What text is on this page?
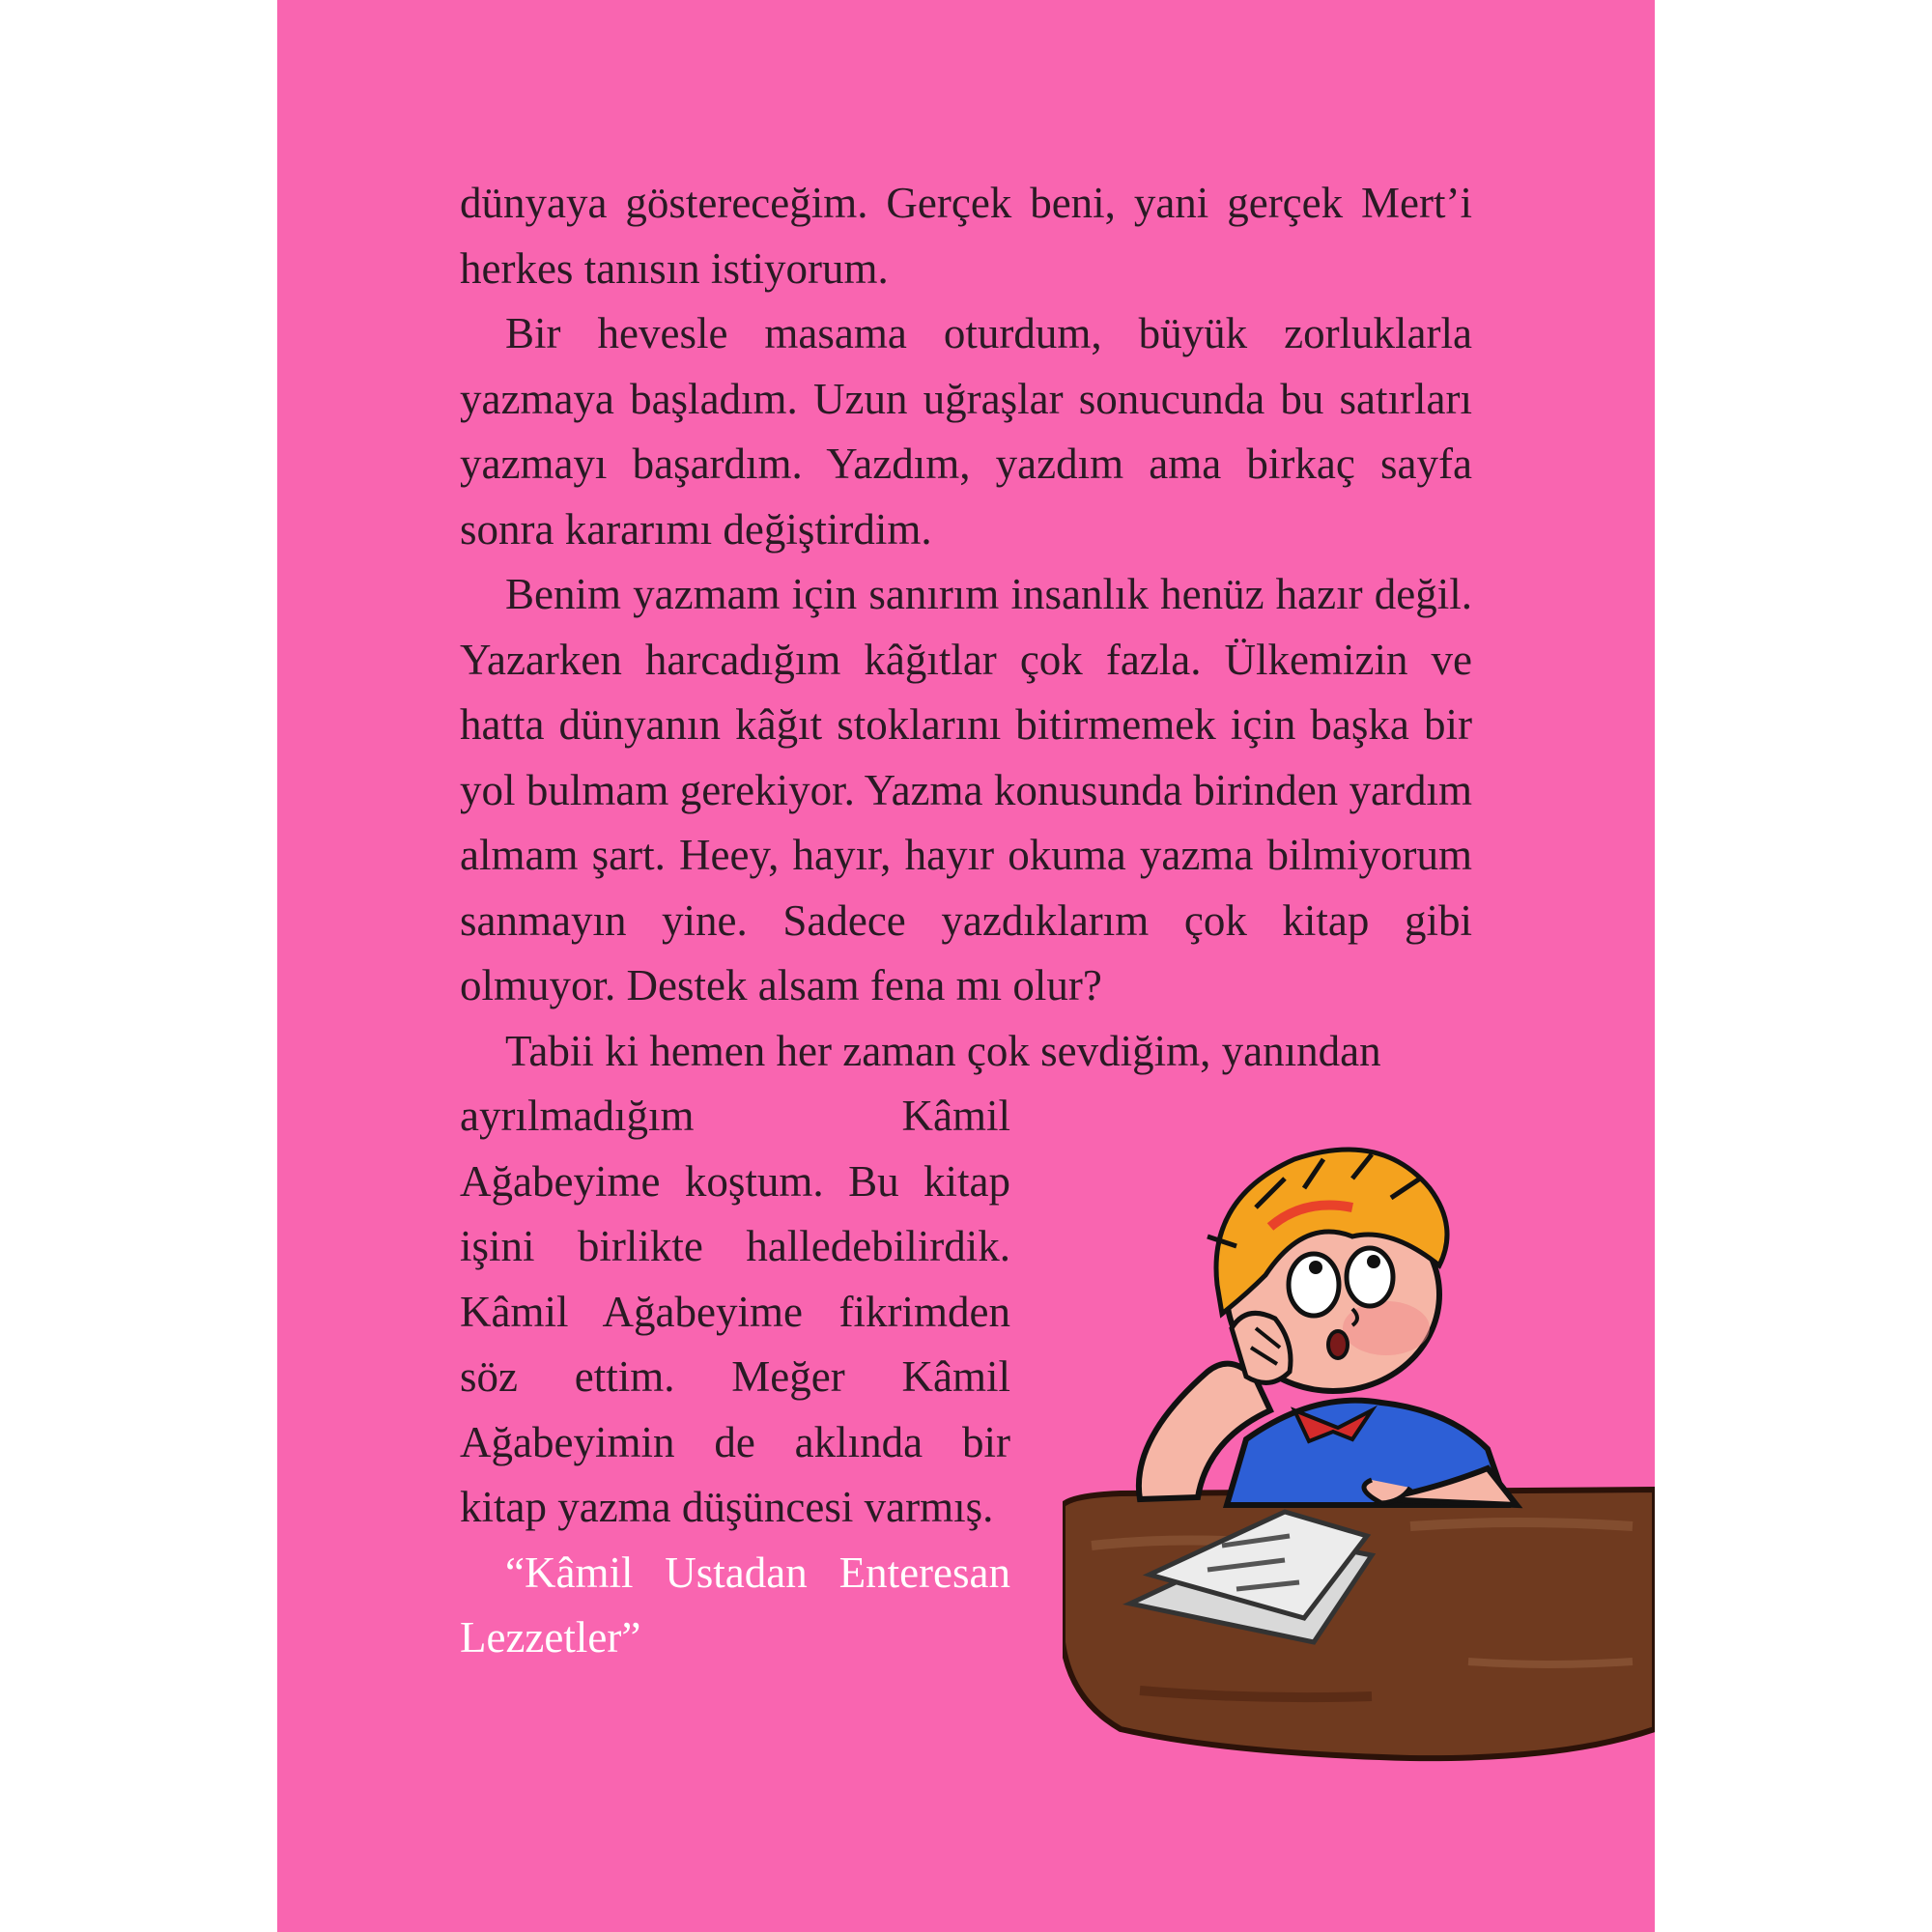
dünyaya göstereceğim. Gerçek beni, yani gerçek Mert’i herkes tanısın istiyorum.

Bir hevesle masama oturdum, büyük zorluklarla yazmaya başladım. Uzun uğraşlar sonucunda bu satırları yazmayı başardım. Yazdım, yazdım ama birkaç sayfa sonra kararımı değiştirdim.

Benim yazmam için sanırım insanlık henüz hazır değil. Yazarken harcadığım kâğıtlar çok fazla. Ülkemizin ve hatta dünyanın kâğıt stoklarını bitirmemek için başka bir yol bulmam gerekiyor. Yazma konusunda birinden yardım almam şart. Heey, hayır, hayır okuma yazma bilmiyorum sanmayın yine. Sadece yazdıklarım çok kitap gibi olmuyor. Destek alsam fena mı olur?

Tabii ki hemen her zaman çok sevdiğim, yanından

ayrılmadığım Kâmil Ağabeyime koştum. Bu kitap işini birlikte halledebilirdik. Kâmil Ağabeyime fikrimden söz ettim. Meğer Kâmil Ağabeyimin de aklında bir kitap yazma düşüncesi varmış.

“Kâmil Ustadan Enteresan Lezzetler”
